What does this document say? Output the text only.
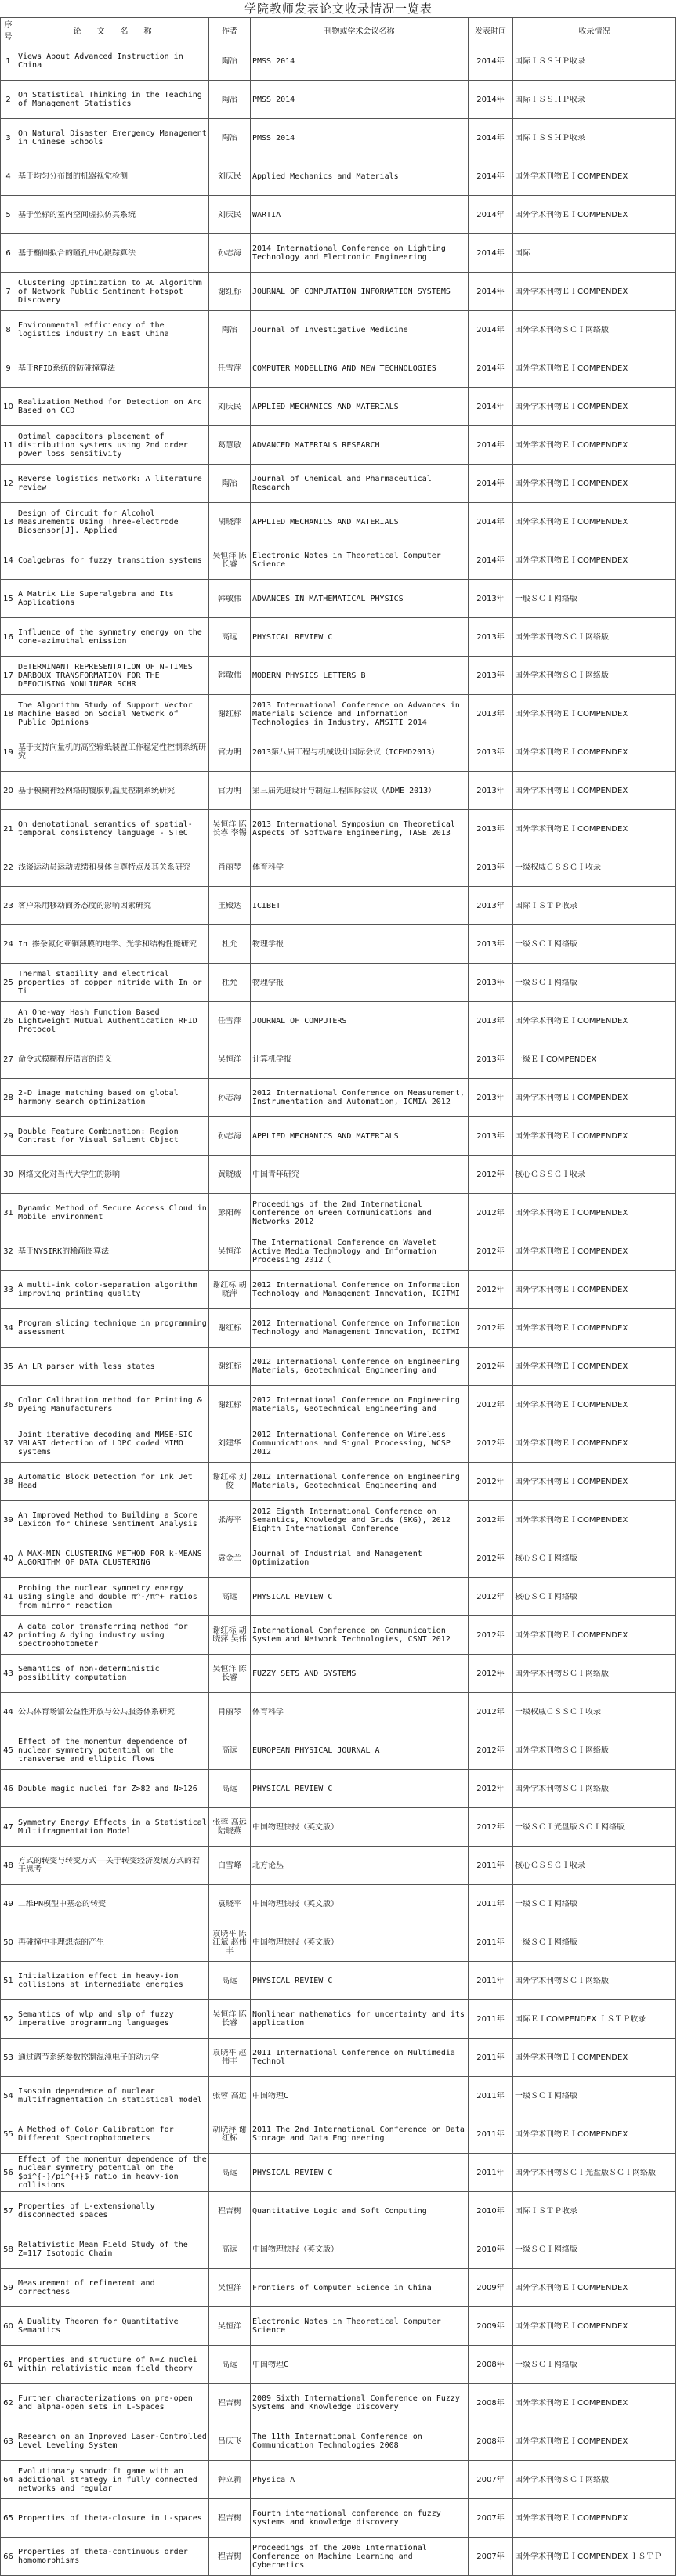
学院教师发表论文收录情况一览表
序号	论　　文　　名　　称	作者	刊物或学术会议名称	发表时间	收录情况

1	Views About Advanced Instruction in China	陶冶	PMSS 2014	2014年	国际ＩＳＳＨＰ收录

2	On Statistical Thinking in the Teaching of Management Statistics	陶冶	PMSS 2014	2014年	国际ＩＳＳＨＰ收录

3	On Natural Disaster Emergency Management in Chinese Schools	陶冶	PMSS 2014	2014年	国际ＩＳＳＨＰ收录

4	基于均匀分布图的机器视觉检测	刘庆民	Applied Mechanics and Materials	2014年	国外学术刊物ＥＩCOMPENDEX

5	基于坐标的室内空间虚拟仿真系统	刘庆民	WARTIA	2014年	国外学术刊物ＥＩCOMPENDEX

6	基于椭圆拟合的瞳孔中心跟踪算法	孙志海	2014 International Conference on Lighting Technology and Electronic Engineering	2014年	国际

7	Clustering Optimization to AC Algorithm of Network Public Sentiment Hotspot Discovery	谢红标	JOURNAL OF COMPUTATION INFORMATION SYSTEMS	2014年	国外学术刊物ＥＩCOMPENDEX

8	Environmental efficiency of the logistics industry in East China	陶冶	Journal of Investigative Medicine	2014年	国外学术刊物ＳＣＩ网络版

9	基于RFID系统的防碰撞算法	任雪萍	COMPUTER MODELLING AND NEW TECHNOLOGIES	2014年	国外学术刊物ＥＩCOMPENDEX

10	Realization Method for Detection on Arc Based on CCD	刘庆民	APPLIED MECHANICS AND MATERIALS	2014年	国外学术刊物ＥＩCOMPENDEX

11	Optimal capacitors placement of distribution systems using 2nd order power loss sensitivity	葛慧敏	ADVANCED MATERIALS RESEARCH	2014年	国外学术刊物ＥＩCOMPENDEX

12	Reverse logistics network: A literature review	陶冶	Journal of Chemical and Pharmaceutical Research	2014年	国外学术刊物ＥＩCOMPENDEX

13	Design of Circuit for Alcohol Measurements Using Three-electrode Biosensor[J]. Applied	胡晓萍	APPLIED MECHANICS AND MATERIALS	2014年	国外学术刊物ＥＩCOMPENDEX

14	Coalgebras for fuzzy transition systems	吴恒洋 陈长睿	Electronic Notes in Theoretical Computer Science	2014年	国外学术刊物ＥＩCOMPENDEX

15	A Matrix Lie Superalgebra and Its Applications	韩敬伟	ADVANCES IN MATHEMATICAL PHYSICS	2013年	一般ＳＣＩ网络版

16	Influence of the symmetry energy on the cone-azimuthal emission	高远	PHYSICAL REVIEW C	2013年	国外学术刊物ＳＣＩ网络版

17	DETERMINANT REPRESENTATION OF N-TIMES DARBOUX TRANSFORMATION FOR THE DEFOCUSING NONLINEAR SCHR	韩敬伟	MODERN PHYSICS LETTERS B	2013年	国外学术刊物ＳＣＩ网络版

18	The Algorithm Study of Support Vector Machine Based on Social Network of Public Opinions	谢红标	2013 International Conference on Advances in Materials Science and Information Technologies in Industry, AMSITI 2014	2013年	国外学术刊物ＥＩCOMPENDEX

19	基于支持向量机的高空输纸装置工作稳定性控制系统研究	官力明	2013第八届工程与机械设计国际会议（ICEMD2013）	2013年	国外学术刊物ＥＩCOMPENDEX

20	基于模糊神经网络的覆膜机温度控制系统研究	官力明	第三届先进设计与制造工程国际会议（ADME 2013）	2013年	国外学术刊物ＥＩCOMPENDEX

21	On denotational semantics of spatial-temporal consistency language - STeC	吴恒洋 陈长睿 李锡	2013 International Symposium on Theoretical Aspects of Software Engineering, TASE 2013	2013年	国外学术刊物ＥＩCOMPENDEX

22	浅谈运动员运动成绩和身体自尊特点及其关系研究	肖丽琴	体育科学	2013年	一级权威ＣＳＳＣＩ收录

23	客户采用移动商务态度的影响因素研究	王殿达	ICIBET	2013年	国际ＩＳＴＰ收录

24	In 掺杂氮化亚铜薄膜的电学、光学和结构性能研究	杜允	物理学报	2013年	一级ＳＣＩ网络版

25	Thermal stability and electrical properties of copper nitride with In or Ti	杜允	物理学报	2013年	一级ＳＣＩ网络版

26	An One-way Hash Function Based Lightweight Mutual Authentication RFID Protocol	任雪萍	JOURNAL OF COMPUTERS	2013年	国外学术刊物ＥＩCOMPENDEX

27	命令式模糊程序语言的语义	吴恒洋	计算机学报	2013年	一级ＥＩCOMPENDEX

28	2-D image matching based on global harmony search optimization	孙志海	2012 International Conference on Measurement, Instrumentation and Automation, ICMIA 2012	2013年	国外学术刊物ＥＩCOMPENDEX

29	Double Feature Combination: Region Contrast for Visual Salient Object	孙志海	APPLIED MECHANICS AND MATERIALS	2013年	国外学术刊物ＥＩCOMPENDEX

30	网络文化对当代大学生的影响	黄晓威	中国青年研究	2012年	核心ＣＳＳＣＩ收录

31	Dynamic Method of Secure Access Cloud in Mobile Environment	彭阳辉	Proceedings of the 2nd International Conference on Green Communications and Networks 2012	2012年	国外学术刊物ＥＩCOMPENDEX

32	基于NYSIRK的稀疏图算法	吴恒洋	The International Conference on Wavelet Active Media Technology and Information Processing 2012（	2012年	国外学术刊物ＥＩCOMPENDEX

33	A multi-ink color-separation algorithm improving printing quality	谢红标 胡晓萍	2012 International Conference on Information Technology and Management Innovation, ICITMI	2012年	国外学术刊物ＥＩCOMPENDEX

34	Program slicing technique in programming assessment	谢红标	2012 International Conference on Information Technology and Management Innovation, ICITMI	2012年	国外学术刊物ＥＩCOMPENDEX

35	An LR parser with less states	谢红标	2012 International Conference on Engineering Materials, Geotechnical Engineering and	2012年	国外学术刊物ＥＩCOMPENDEX

36	Color Calibration method for Printing & Dyeing Manufacturers	谢红标	2012 International Conference on Engineering Materials, Geotechnical Engineering and	2012年	国外学术刊物ＥＩCOMPENDEX

37	Joint iterative decoding and MMSE-SIC VBLAST detection of LDPC coded MIMO systems	刘建华	2012 International Conference on Wireless Communications and Signal Processing, WCSP 2012	2012年	国外学术刊物ＥＩCOMPENDEX

38	Automatic Block Detection for Ink Jet Head	谢红标 刘俊	2012 International Conference on Engineering Materials, Geotechnical Engineering and	2012年	国外学术刊物ＥＩCOMPENDEX

39	An Improved Method to Building a Score Lexicon for Chinese Sentiment Analysis	张海平	2012 Eighth International Conference on Semantics, Knowledge and Grids (SKG), 2012 Eighth International Conference	2012年	国外学术刊物ＥＩCOMPENDEX

40	A MAX-MIN CLUSTERING METHOD FOR k-MEANS ALGORITHM OF DATA CLUSTERING	袁金兰	Journal of Industrial and Management Optimization	2012年	核心ＳＣＩ网络版

41	Probing the nuclear symmetry energy using single and double π^-/π^+ ratios from mirror reaction	高远	PHYSICAL REVIEW C	2012年	核心ＳＣＩ网络版

42	A data color transferring method for printing & dying industry using spectrophotometer	谢红标 胡晓萍 吴伟	International Conference on Communication System and Network Technologies, CSNT 2012	2012年	国外学术刊物ＥＩCOMPENDEX

43	Semantics of non-deterministic possibility computation	吴恒洋 陈长睿	FUZZY SETS AND SYSTEMS	2012年	国外学术刊物ＳＣＩ网络版

44	公共体育场馆公益性开放与公共服务体系研究	肖丽琴	体育科学	2012年	一级权威ＣＳＳＣＩ收录

45	Effect of the momentum dependence of nuclear symmetry potential on the transverse and elliptic flows	高远	EUROPEAN PHYSICAL JOURNAL A	2012年	国外学术刊物ＳＣＩ网络版

46	Double magic nuclei for Z>82 and N>126	高远	PHYSICAL REVIEW C	2012年	国外学术刊物ＳＣＩ网络版

47	Symmetry Energy Effects in a Statistical Multifragmentation Model	张蓉 高远 陆晓燕	中国物理快报（英文版）	2012年	一级ＳＣＩ光盘版ＳＣＩ网络版

48	方式的转变与转变方式——关于转变经济发展方式的若干思考	白雪峰	北方论丛	2011年	核心ＣＳＳＣＩ收录

49	二维PN模型中基态的转变	袁晓平	中国物理快报（英文版）	2011年	一级ＳＣＩ网络版

50	再碰撞中非理想态的产生	袁晓平 陈江斌 赵伟丰	中国物理快报（英文版）	2011年	一级ＳＣＩ网络版

51	Initialization effect in heavy-ion collisions at intermediate energies	高远	PHYSICAL REVIEW C	2011年	国外学术刊物ＳＣＩ网络版

52	Semantics of wlp and slp of fuzzy imperative programming languages	吴恒洋 陈长睿	Nonlinear mathematics for uncertainty and its application	2011年	国际ＥＩCOMPENDEX ＩＳＴＰ收录

53	通过调节系统参数控制混沌电子的动力学	袁晓平 赵伟丰	2011 International Conference on Multimedia Technol	2011年	国外学术刊物ＥＩCOMPENDEX

54	Isospin dependence of nuclear multifragmentation in statistical model	张蓉 高远	中国物理C	2011年	一级ＳＣＩ网络版

55	A Method of Color Calibration for Different Spectrophotometers	胡晓萍 谢红标	2011 The 2nd International Conference on Data Storage and Data Engineering	2011年	国外学术刊物ＥＩCOMPENDEX

56	Effect of the momentum dependence of the nuclear symmetry potential on the $pi^{-}/pi^{+}$ ratio in heavy-ion collisions	高远	PHYSICAL REVIEW C	2011年	国外学术刊物ＳＣＩ光盘版ＳＣＩ网络版

57	Properties of L-extensionally disconnected spaces	程吉树	Quantitative Logic and Soft Computing	2010年	国际ＩＳＴＰ收录

58	Relativistic Mean Field Study of the Z=117 Isotopic Chain	高远	中国物理快报（英文版）	2010年	一级ＳＣＩ网络版

59	Measurement of refinement and correctness	吴恒洋	Frontiers of Computer Science in China	2009年	国外学术刊物ＥＩCOMPENDEX

60	A Duality Theorem for Quantitative Semantics	吴恒洋	Electronic Notes in Theoretical Computer Science	2009年	国外学术刊物ＥＩCOMPENDEX

61	Properties and structure of N=Z nuclei within relativistic mean field theory	高远	中国物理C	2008年	一级ＳＣＩ网络版

62	Further characterizations on pre-open and alpha-open sets in L-Spaces	程吉树	2009 Sixth International Conference on Fuzzy Systems and Knowledge Discovery	2008年	国外学术刊物ＥＩCOMPENDEX

63	Research on an Improved Laser-Controlled Level Leveling System	吕庆飞	The 11th International Conference on Communication Technologies 2008	2008年	国外学术刊物ＥＩCOMPENDEX

64	Evolutionary snowdrift game with an additional strategy in fully connected networks and regular	钟立新	Physica A	2007年	国外学术刊物ＳＣＩ网络版

65	Properties of theta-closure in L-spaces	程吉树	Fourth international conference on fuzzy systems and knowledge discovery	2007年	国外学术刊物ＥＩCOMPENDEX

66	Properties of theta-continuous order homomorphisms	程吉树	Proceedings of the 2006 International Conference on Machine Learning and Cybernetics	2007年	国外学术刊物ＥＩCOMPENDEX ＩＳＴＰ
